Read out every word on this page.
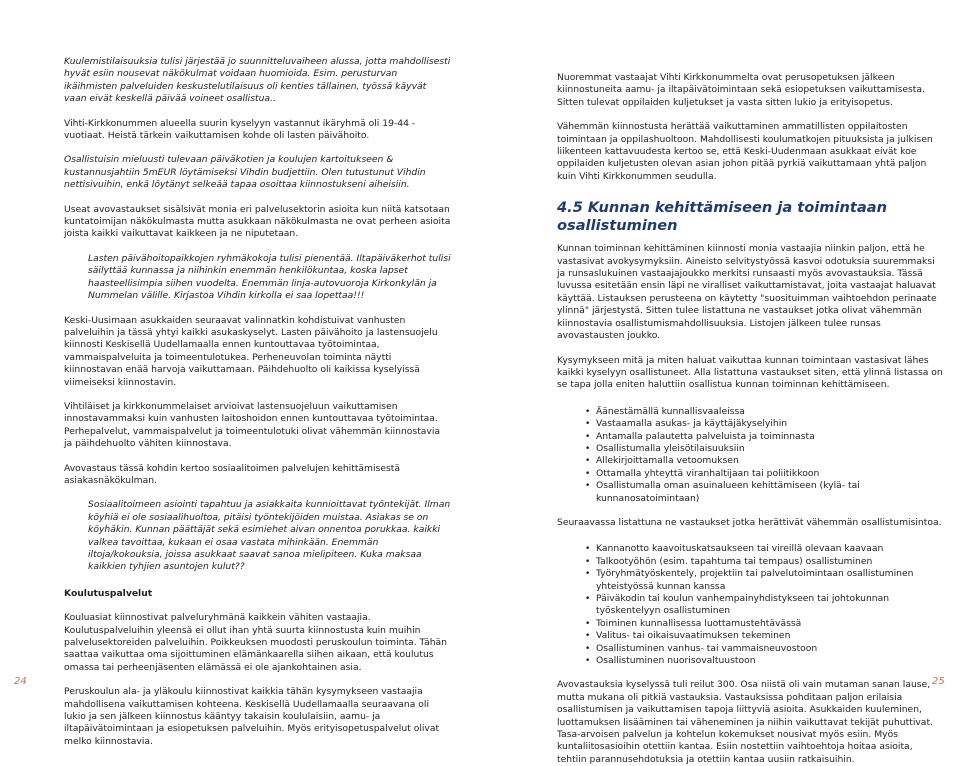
Kuulemistilaisuuksia tulisi järjestää jo suunnitteluvaiheen alussa, jotta mahdollisesti hyvät esiin nousevat näkökulmat voidaan huomioida. Esim. perusturvan ikäihmisten palveluiden keskustelutilaisuus oli kenties tällainen, työssä käyvät vaan eivät keskellä päivää voineet osallistua..

Vihti-Kirkkonummen alueella suurin kyselyyn vastannut ikäryhmä oli 19-44 -vuotiaat. Heistä tärkein vaikuttamisen kohde oli lasten päivähoito.

Osallistuisin mieluusti tulevaan päiväkotien ja koulujen kartoitukseen & kustannusjahtiin 5mEUR löytämiseksi Vihdin budjettiin. Olen tutustunut Vihdin nettisivuihin, enkä löytänyt selkeää tapaa osoittaa kiinnostukseni aiheisiin.

Useat avovastaukset sisälsivät monia eri palvelusektorin asioita kun niitä katsotaan kuntatoimijan näkökulmasta mutta asukkaan näkökulmasta ne ovat perheen asioita joista kaikki vaikuttavat kaikkeen ja ne niputetaan.

Lasten päivähoitopaikkojen ryhmäkokoja tulisi pienentää. Iltapäiväkerhot tulisi säilyttää kunnassa ja niihinkin enemmän henkilökuntaa, koska lapset haasteellisimpia siihen vuodelta. Enemmän linja-autovuoroja Kirkonkylän ja Nummelan välille. Kirjastoa Vihdin kirkolla ei saa lopettaa!!!

Keski-Uusimaan asukkaiden seuraavat valinnatkin kohdistuivat vanhusten palveluihin ja tässä yhtyi kaikki asukaskyselyt. Lasten päivähoito ja lastensuojelu kiinnosti Keskisellä Uudellamaalla ennen kuntouttavaa työtoimintaa, vammaispalveluita ja toimeentulotukea. Perheneuvolan toiminta näytti kiinnostavan enää harvoja vaikuttamaan. Päihdehuolto oli kaikissa kyselyissä viimeiseksi kiinnostavin.

Vihtiläiset ja kirkkonummelaiset arvioivat lastensuojeluun vaikuttamisen innostavammaksi kuin vanhusten laitoshoidon ennen kuntouttavaa työtoimintaa. Perhepalvelut, vammaispalvelut ja toimeentulotuki olivat vähemmän kiinnostavia ja päihdehuolto vähiten kiinnostava.

Avovastaus tässä kohdin kertoo sosiaalitoimen palvelujen kehittämisestä asiakasnäkökulman.

Sosiaalitoimeen asiointi tapahtuu ja asiakkaita kunnioittavat työntekijät. Ilman köyhiä ei ole sosiaalihuoltoa, pitäisi työntekijöiden muistaa. Asiakas se on köyhäkin. Kunnan päättäjät sekä esimiehet aivan onnentoa porukkaa. kaikki valkea tavoittaa, kukaan ei osaa vastata mihinkään. Enemmän iltoja/kokouksia, joissa asukkaat saavat sanoa mielipiteen. Kuka maksaa kaikkien tyhjien asuntojen kulut??

Koulutuspalvelut

Kouluasiat kiinnostivat palveluryhmänä kaikkein vähiten vastaajia. Koulutuspalveluihin yleensä ei ollut ihan yhtä suurta kiinnostusta kuin muihin palvelusektoreiden palveluihin. Poikkeuksen muodosti peruskoulun toiminta. Tähän saattaa vaikuttaa oma sijoittuminen elämänkaarella siihen aikaan, että koulutus omassa tai perheenjäsenten elämässä ei ole ajankohtainen asia.

Peruskoulun ala- ja yläkoulu kiinnostivat kaikkia tähän kysymykseen vastaajia mahdollisena vaikuttamisen kohteena. Keskisellä Uudellamaalla seuraavana oli lukio ja sen jälkeen kiinnostus kääntyy takaisin koululaisiin, aamu- ja iltapäivätoimintaan ja esiopetuksen palveluihin. Myös erityisopetuspalvelut olivat melko kiinnostavia.

Nuoremmat vastaajat Vihti Kirkkonummelta ovat perusopetuksen jälkeen kiinnostuneita aamu- ja iltapäivätoimintaan sekä esiopetuksen vaikuttamisesta. Sitten tulevat oppilaiden kuljetukset ja vasta sitten lukio ja erityisopetus.

Vähemmän kiinnostusta herättää vaikuttaminen ammatillisten oppilaitosten toimintaan ja oppilashuoltoon. Mahdollisesti koulumatkojen pituuksista ja julkisen liikenteen kattavuudesta kertoo se, että Keski-Uudenmaan asukkaat eivät koe oppilaiden kuljetusten olevan asian johon pitää pyrkiä vaikuttamaan yhtä paljon kuin Vihti Kirkkonummen seudulla.

4.5 Kunnan kehittämiseen ja toimintaan osallistuminen

Kunnan toiminnan kehittäminen kiinnosti monia vastaajia niinkin paljon, että he vastasivat avokysymyksiin. Aineisto selvitystyössä kasvoi odotuksia suuremmaksi ja runsaslukuinen vastaajajoukko merkitsi runsaasti myös avovastauksia. Tässä luvussa esitetään ensin läpi ne viralliset vaikuttamistavat, joita vastaajat haluavat käyttää. Listauksen perusteena on käytetty "suosituimman vaihtoehdon perinaate ylinnä" järjestystä. Sitten tulee listattuna ne vastaukset jotka olivat vähemmän kiinnostavia osallistumismahdollisuuksia. Listojen jälkeen tulee runsas avovastausten joukko.

Kysymykseen mitä ja miten haluat vaikuttaa kunnan toimintaan vastasivat lähes kaikki kyselyyn osallistuneet. Alla listattuna vastaukset siten, että ylinnä listassa on se tapa jolla eniten haluttiin osallistua kunnan toiminnan kehittämiseen.

• Äänestämällä kunnallisvaaleissa
• Vastaamalla asukas- ja käyttäjäkyselyihin
• Antamalla palautetta palveluista ja toiminnasta
• Osallistumalla yleisötilaisuuksiin
• Allekirjoittamalla vetoomuksen
• Ottamalla yhteyttä viranhaltijaan tai poliitikkoon
• Osallistumalla oman asuinalueen kehittämiseen (kylä- tai kunnanosatoimintaan)

Seuraavassa listattuna ne vastaukset jotka herättivät vähemmän osallistumisintoa.

• Kannanotto kaavoituskatsaukseen tai vireillä olevaan kaavaan
• Talkootyöhön (esim. tapahtuma tai tempaus) osallistuminen
• Työryhmätyöskentely, projektiin tai palvelutoimintaan osallistuminen yhteistyössä kunnan kanssa
• Päiväkodin tai koulun vanhempainyhdistykseen tai johtokunnan työskentelyyn osallistuminen
• Toiminen kunnallisessa luottamustehtävässä
• Valitus- tai oikaisuvaatimuksen tekeminen
• Osallistuminen vanhus- tai vammaisneuvostoon
• Osallistuminen nuorisovaltuustoon

Avovastauksia kyselyssä tuli reilut 300. Osa niistä oli vain mutaman sanan lause, mutta mukana oli pitkiä vastauksia. Vastauksissa pohditaan paljon erilaisia osallistumisen ja vaikuttamisen tapoja liittyviä asioita. Asukkaiden kuuleminen, luottamuksen lisääminen tai väheneminen ja niihin vaikuttavat tekijät puhuttivat. Tasa-arvoisen palvelun ja kohtelun kokemukset nousivat myös esiin. Myös kuntaliitosasioihin otettiin kantaa. Esiin nostettiin vaihtoehtoja hoitaa asioita, tehtiin parannusehdotuksia ja otettiin kantaa uusiin ratkaisuihin.

24	25
